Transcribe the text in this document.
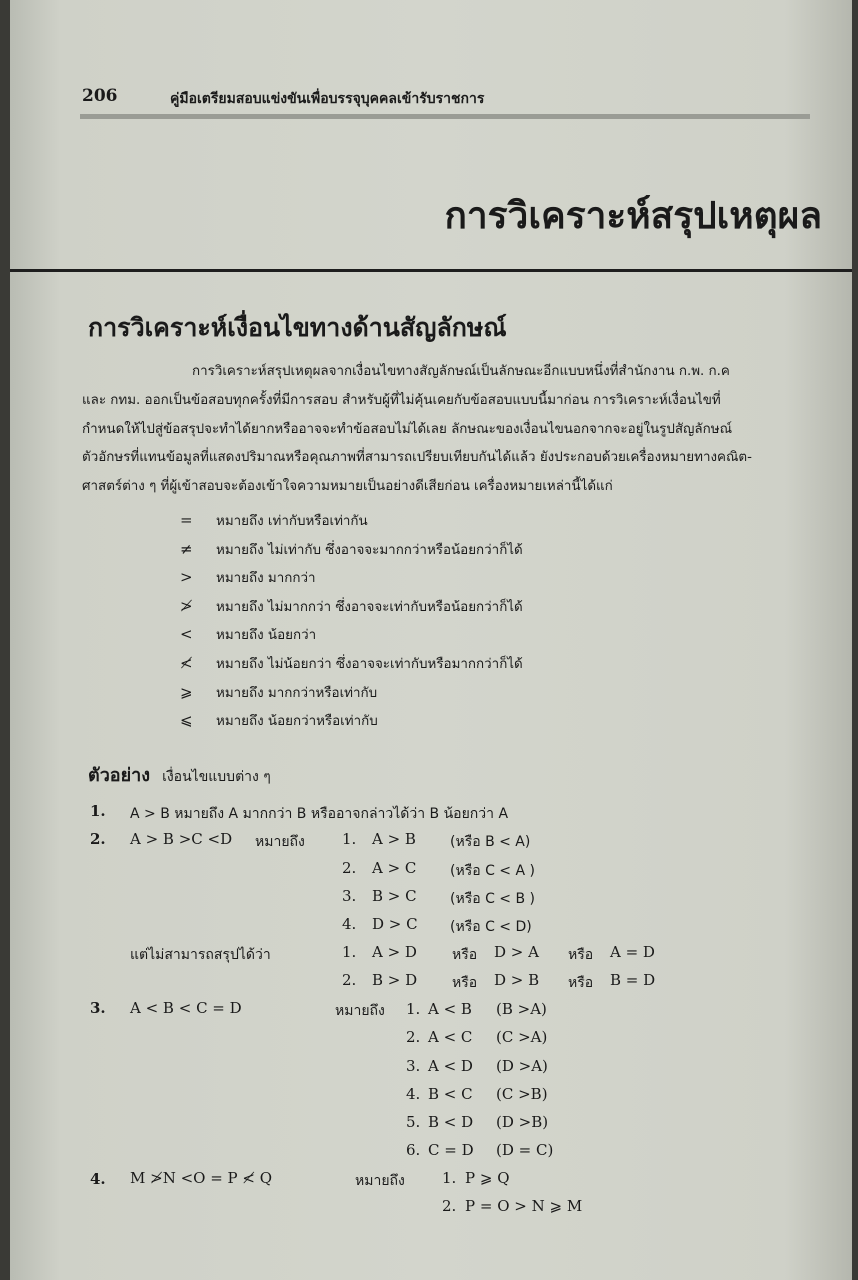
206	คู่มือเตรียมสอบแข่งขันเพื่อบรรจุบุคคลเข้ารับราชการ
การวิเคราะห์สรุปเหตุผล
การวิเคราะห์เงื่อนไขทางด้านสัญลักษณ์
การวิเคราะห์สรุปเหตุผลจากเงื่อนไขทางสัญลักษณ์เป็นลักษณะอีกแบบหนึ่งที่สำนักงาน ก.พ. ก.ค
และ กทม. ออกเป็นข้อสอบทุกครั้งที่มีการสอบ สำหรับผู้ที่ไม่คุ้นเคยกับข้อสอบแบบนี้มาก่อน การวิเคราะห์เงื่อนไขที่
กำหนดให้ไปสู่ข้อสรุปจะทำได้ยากหรืออาจจะทำข้อสอบไม่ได้เลย ลักษณะของเงื่อนไขนอกจากจะอยู่ในรูปสัญลักษณ์
ตัวอักษรที่แทนข้อมูลที่แสดงปริมาณหรือคุณภาพที่สามารถเปรียบเทียบกันได้แล้ว ยังประกอบด้วยเครื่องหมายทางคณิต-
ศาสตร์ต่าง ๆ ที่ผู้เข้าสอบจะต้องเข้าใจความหมายเป็นอย่างดีเสียก่อน เครื่องหมายเหล่านี้ได้แก่
= หมายถึง เท่ากับหรือเท่ากัน
≠ หมายถึง ไม่เท่ากับ ซึ่งอาจจะมากกว่าหรือน้อยกว่าก็ได้
> หมายถึง มากกว่า
≯ หมายถึง ไม่มากกว่า ซึ่งอาจจะเท่ากับหรือน้อยกว่าก็ได้
< หมายถึง น้อยกว่า
≮ หมายถึง ไม่น้อยกว่า ซึ่งอาจจะเท่ากับหรือมากกว่าก็ได้
⩾ หมายถึง มากกว่าหรือเท่ากับ
⩽ หมายถึง น้อยกว่าหรือเท่ากับ
ตัวอย่าง เงื่อนไขแบบต่าง ๆ
1. A > B หมายถึง A มากกว่า B หรืออาจกล่าวได้ว่า B น้อยกว่า A
2. A > B >C <D หมายถึง 1. A > B (หรือ B < A)
2. A > C (หรือ C < A )
3. B > C (หรือ C < B )
4. D > C (หรือ C < D)
แต่ไม่สามารถสรุปได้ว่า	1. A > D	หรือ D > A หรือ A = D
2. B > D หรือ D > B หรือ B = D
3. A < B < C = D	หมายถึง 1. A < B (B >A)
2. A < C (C >A)
3. A < D (D >A)
4. B < C (C >B)
5. B < D (D >B)
6. C = D (D = C)
4. M ≯N <O = P ≮ Q	หมายถึง 1. P ⩾ Q
2. P = O > N ⩾ M
